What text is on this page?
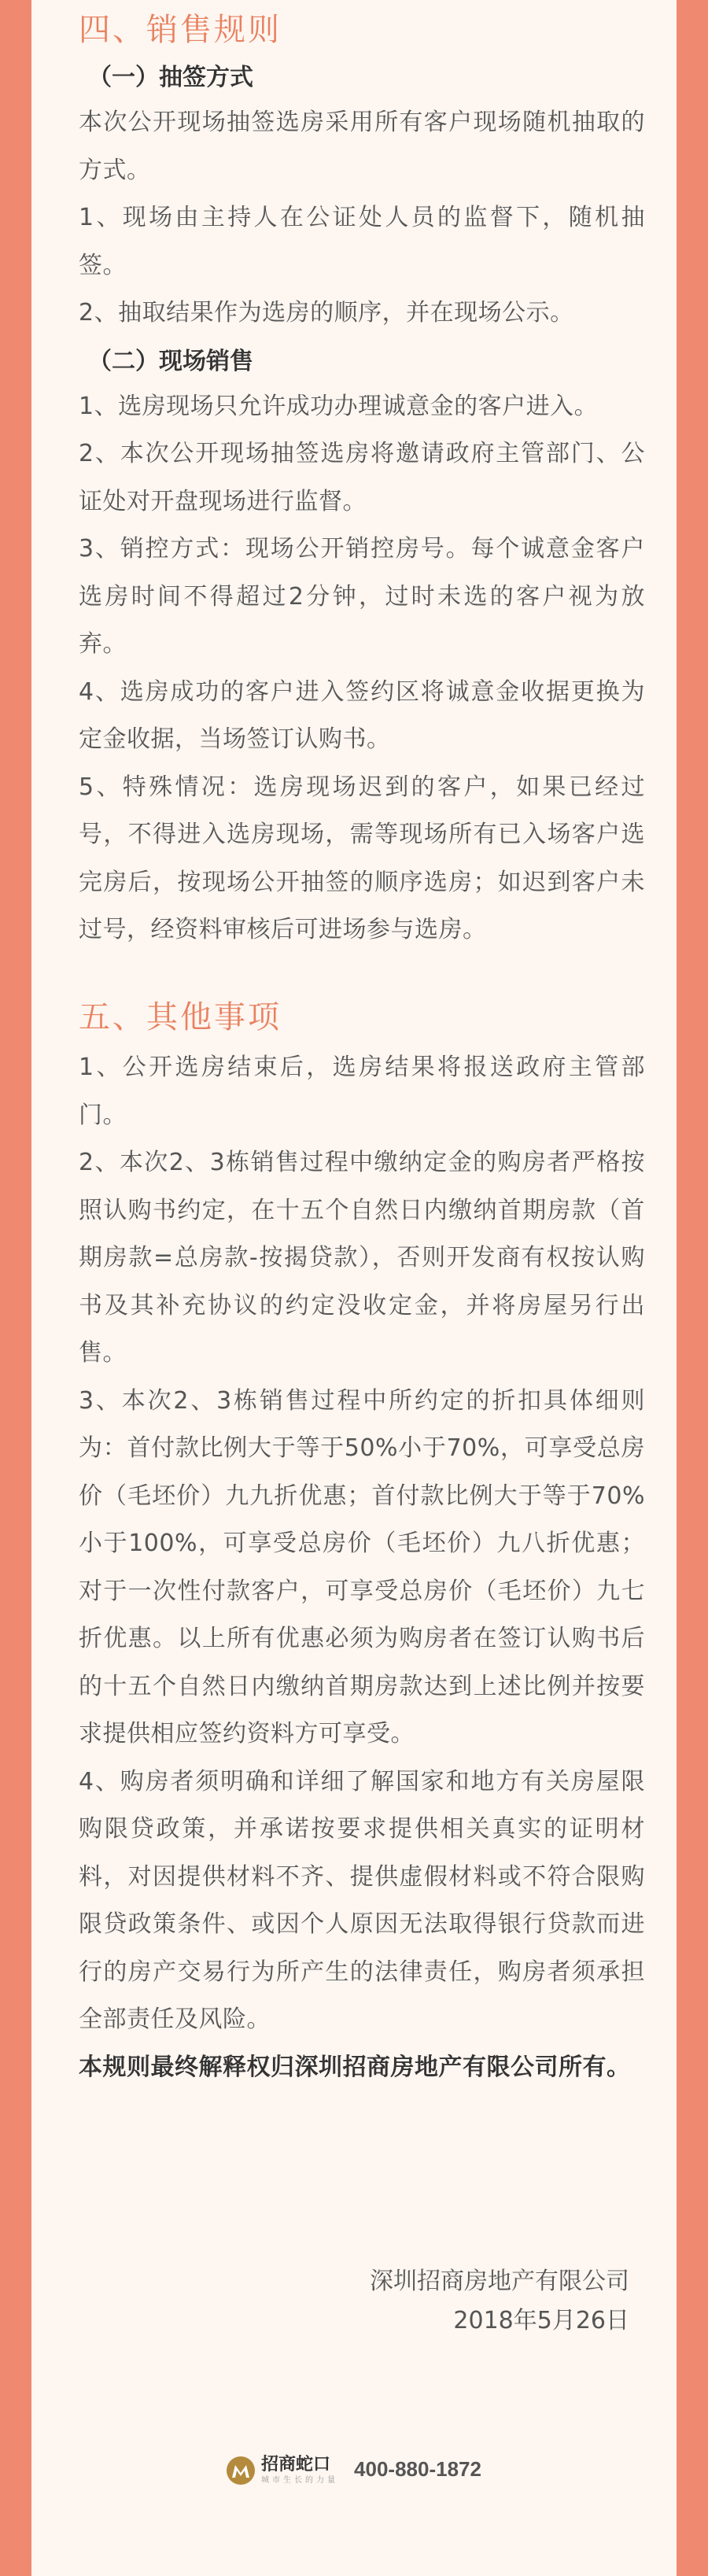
四、销售规则
（一）抽签方式
本次公开现场抽签选房采用所有客户现场随机抽取的方式。
1、现场由主持人在公证处人员的监督下，随机抽签。
2、抽取结果作为选房的顺序，并在现场公示。
（二）现场销售
1、选房现场只允许成功办理诚意金的客户进入。
2、本次公开现场抽签选房将邀请政府主管部门、公证处对开盘现场进行监督。
3、销控方式：现场公开销控房号。每个诚意金客户选房时间不得超过2分钟，过时未选的客户视为放弃。
4、选房成功的客户进入签约区将诚意金收据更换为定金收据，当场签订认购书。
5、特殊情况：选房现场迟到的客户，如果已经过号，不得进入选房现场，需等现场所有已入场客户选完房后，按现场公开抽签的顺序选房；如迟到客户未过号，经资料审核后可进场参与选房。
五、其他事项
1、公开选房结束后，选房结果将报送政府主管部门。
2、本次2、3栋销售过程中缴纳定金的购房者严格按照认购书约定，在十五个自然日内缴纳首期房款（首期房款=总房款-按揭贷款），否则开发商有权按认购书及其补充协议的约定没收定金，并将房屋另行出售。
3、本次2、3栋销售过程中所约定的折扣具体细则为：首付款比例大于等于50%小于70%，可享受总房价（毛坯价）九九折优惠；首付款比例大于等于70%小于100%，可享受总房价（毛坯价）九八折优惠；对于一次性付款客户，可享受总房价（毛坯价）九七折优惠。以上所有优惠必须为购房者在签订认购书后的十五个自然日内缴纳首期房款达到上述比例并按要求提供相应签约资料方可享受。
4、购房者须明确和详细了解国家和地方有关房屋限购限贷政策，并承诺按要求提供相关真实的证明材料，对因提供材料不齐、提供虚假材料或不符合限购限贷政策条件、或因个人原因无法取得银行贷款而进行的房产交易行为所产生的法律责任，购房者须承担全部责任及风险。
本规则最终解释权归深圳招商房地产有限公司所有。
深圳招商房地产有限公司
2018年5月26日
招商蛇口
城市生长的力量 400-880-1872
